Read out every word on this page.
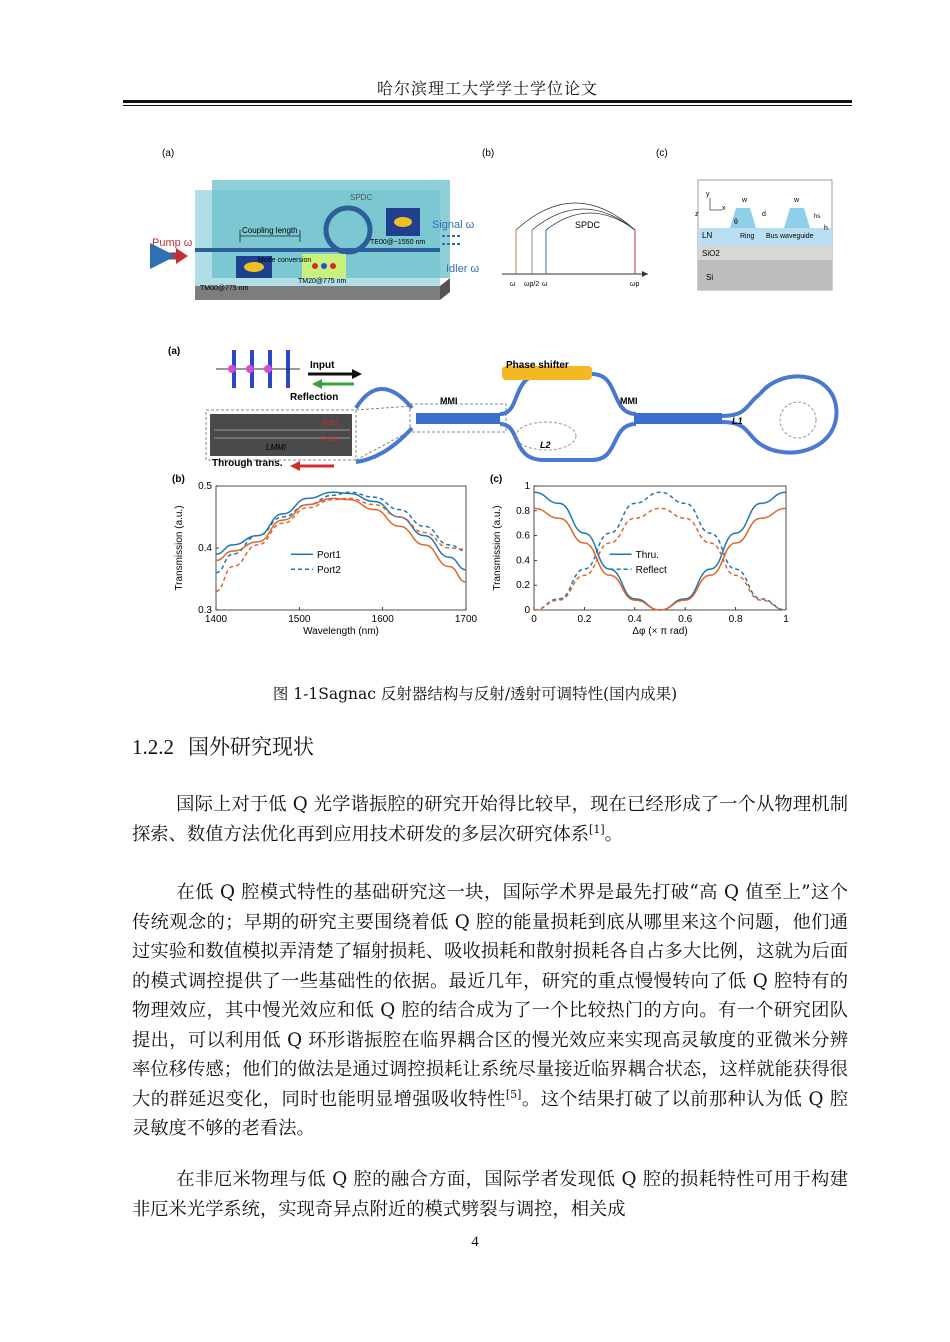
哈尔滨理工大学学士学位论文
(a)
SPDC
Coupling length
Pump ω
Signal ω
Idler ω
Mode conversion
TE00@~1550 nm
TM00@775 nm
TM20@775 nm
(b)
SPDC
ω ωp/2 ω	ωp
(c)
y
z
x
w	w
d
θ
hs
h
LN	Ring Bus waveguide
SiO2
Si
(a)
Input
Reflection
Through trans.
Port1
Port2
LMMI
MMI
Phase shifter
MMI
L1
L2
(b)
1400	1500	1600	1700
0.3
0.4
0.5
Wavelength (nm)
Transmission (a.u.)	Port1
Port2
(c)
0	0.2	0.4	0.6	0.8	1
0
0.2
0.4
0.6
0.8
1
Δφ (× π rad)
Transmission (a.u.)	Thru.
Reflect
图 1-1Sagnac 反射器结构与反射/透射可调特性(国内成果)
1.2.2 国外研究现状

国际上对于低 Q 光学谐振腔的研究开始得比较早，现在已经形成了一个从物理机制探索、数值方法优化再到应用技术研发的多层次研究体系[1]。

在低 Q 腔模式特性的基础研究这一块，国际学术界是最先打破“高 Q 值至上”这个传统观念的；早期的研究主要围绕着低 Q 腔的能量损耗到底从哪里来这个问题，他们通过实验和数值模拟弄清楚了辐射损耗、吸收损耗和散射损耗各自占多大比例，这就为后面的模式调控提供了一些基础性的依据。最近几年，研究的重点慢慢转向了低 Q 腔特有的物理效应，其中慢光效应和低 Q 腔的结合成为了一个比较热门的方向。有一个研究团队提出，可以利用低 Q 环形谐振腔在临界耦合区的慢光效应来实现高灵敏度的亚微米分辨率位移传感；他们的做法是通过调控损耗让系统尽量接近临界耦合状态，这样就能获得很大的群延迟变化，同时也能明显增强吸收特性[5]。这个结果打破了以前那种认为低 Q 腔灵敏度不够的老看法。

在非厄米物理与低 Q 腔的融合方面，国际学者发现低 Q 腔的损耗特性可用于构建非厄米光学系统，实现奇异点附近的模式劈裂与调控，相关成

4
